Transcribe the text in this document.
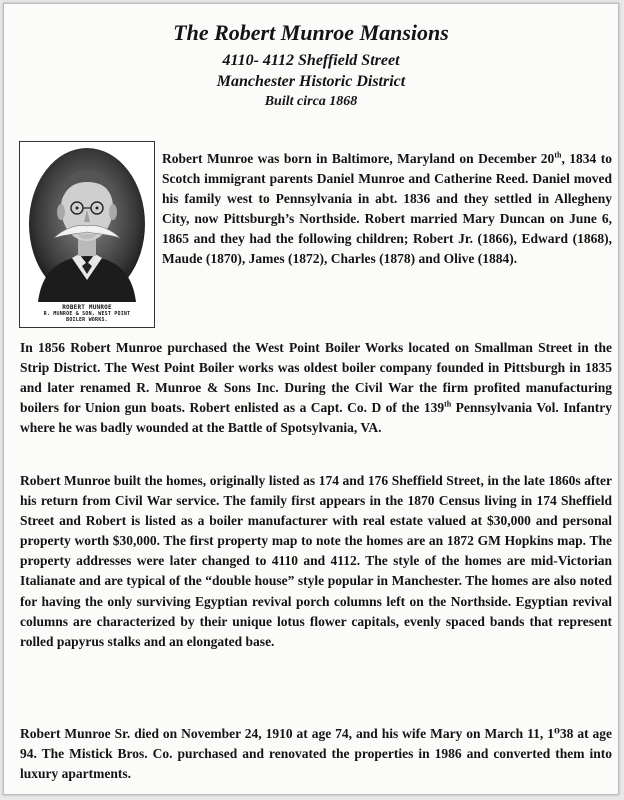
The Robert Munroe Mansions
4110- 4112 Sheffield Street
Manchester Historic District
Built circa 1868
ROBERT MUNROE
R. MUNROE & SON, WEST POINT
BOILER WORKS.

Robert Munroe was born in Baltimore, Maryland on December 20th, 1834 to Scotch immigrant parents Daniel Munroe and Catherine Reed. Daniel moved his family west to Pennsylvania in abt. 1836 and they settled in Allegheny City, now Pittsburgh’s Northside. Robert married Mary Duncan on June 6, 1865 and they had the following children; Robert Jr. (1866), Edward (1868), Maude (1870), James (1872), Charles (1878) and Olive (1884).

In 1856 Robert Munroe purchased the West Point Boiler Works located on Smallman Street in the Strip District. The West Point Boiler works was oldest boiler company founded in Pittsburgh in 1835 and later renamed R. Munroe & Sons Inc. During the Civil War the firm profited manufacturing boilers for Union gun boats. Robert enlisted as a Capt. Co. D of the 139th Pennsylvania Vol. Infantry where he was badly wounded at the Battle of Spotsylvania, VA.

Robert Munroe built the homes, originally listed as 174 and 176 Sheffield Street, in the late 1860s after his return from Civil War service. The family first appears in the 1870 Census living in 174 Sheffield Street and Robert is listed as a boiler manufacturer with real estate valued at $30,000 and personal property worth $30,000. The first property map to note the homes are an 1872 GM Hopkins map. The property addresses were later changed to 4110 and 4112. The style of the homes are mid-Victorian Italianate and are typical of the “double house” style popular in Manchester. The homes are also noted for having the only surviving Egyptian revival porch columns left on the Northside. Egyptian revival columns are characterized by their unique lotus flower capitals, evenly spaced bands that represent rolled papyrus stalks and an elongated base.

Robert Munroe Sr. died on November 24, 1910 at age 74, and his wife Mary on March 11, 1⁰38 at age 94. The Mistick Bros. Co. purchased and renovated the properties in 1986 and converted them into luxury apartments.
